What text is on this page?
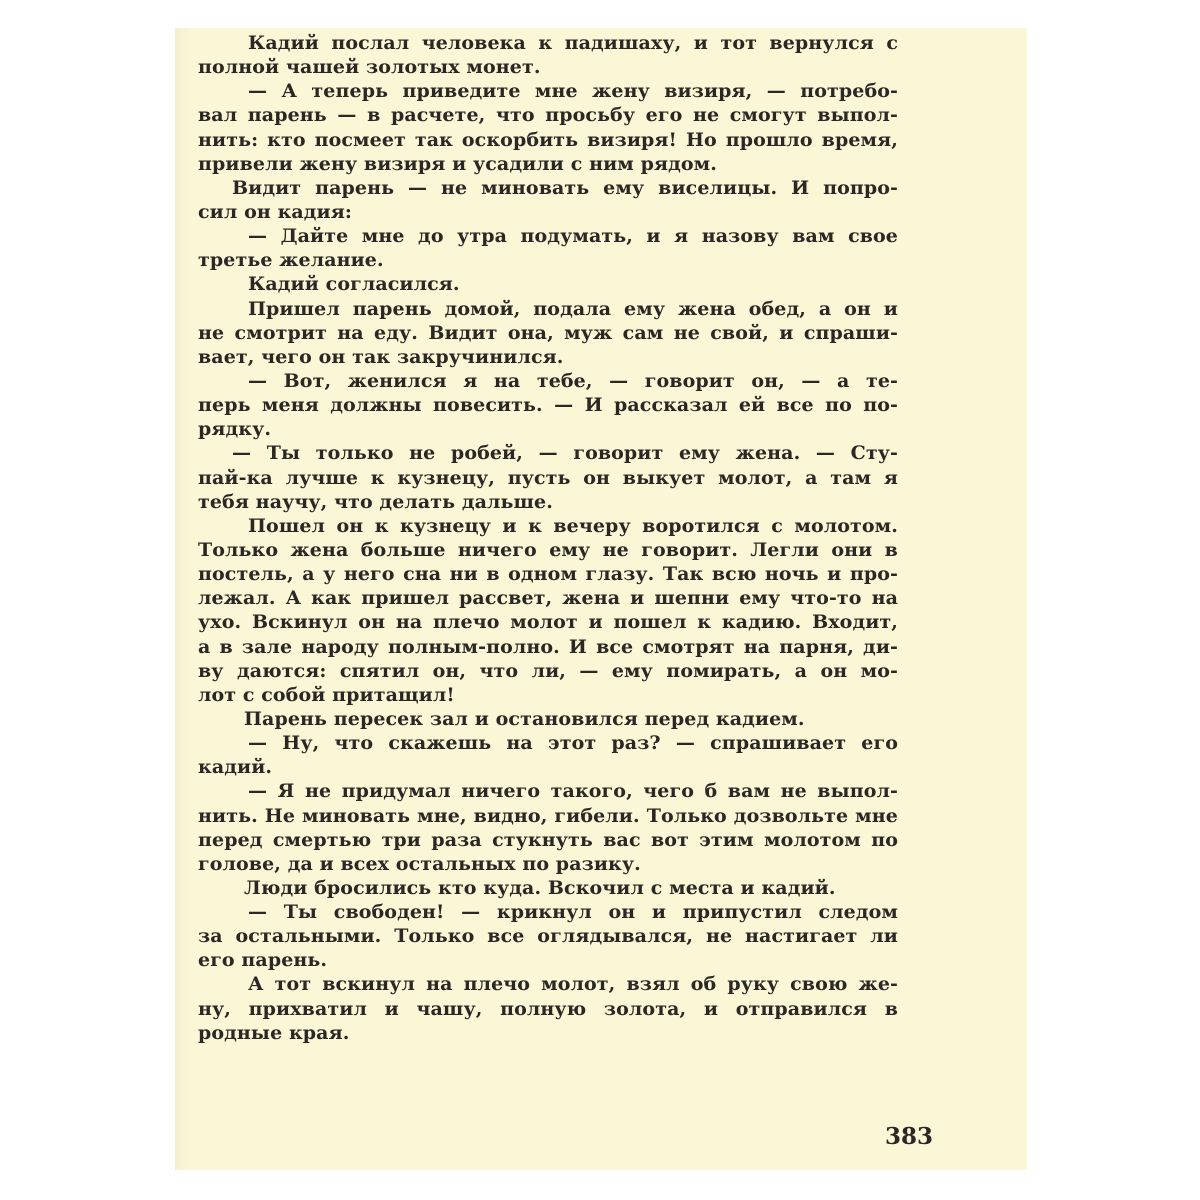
Кадий послал человека к падишаху, и тот вернулся с
полной чашей золотых монет.
— А теперь приведите мне жену визиря, — потребо-
вал парень — в расчете, что просьбу его не смогут выпол-
нить: кто посмеет так оскорбить визиря! Но прошло время,
привели жену визиря и усадили с ним рядом.
Видит парень — не миновать ему виселицы. И попро-
сил он кадия:
— Дайте мне до утра подумать, и я назову вам свое
третье желание.
Кадий согласился.
Пришел парень домой, подала ему жена обед, а он и
не смотрит на еду. Видит она, муж сам не свой, и спраши-
вает, чего он так закручинился.
— Вот, женился я на тебе, — говорит он, — а те-
перь меня должны повесить. — И рассказал ей все по по-
рядку.
— Ты только не робей, — говорит ему жена. — Сту-
пай-ка лучше к кузнецу, пусть он выкует молот, а там я
тебя научу, что делать дальше.
Пошел он к кузнецу и к вечеру воротился с молотом.
Только жена больше ничего ему не говорит. Легли они в
постель, а у него сна ни в одном глазу. Так всю ночь и про-
лежал. А как пришел рассвет, жена и шепни ему что-то на
ухо. Вскинул он на плечо молот и пошел к кадию. Входит,
а в зале народу полным-полно. И все смотрят на парня, ди-
ву даются: спятил он, что ли, — ему помирать, а он мо-
лот с собой притащил!
Парень пересек зал и остановился перед кадием.
— Ну, что скажешь на этот раз? — спрашивает его
кадий.
— Я не придумал ничего такого, чего б вам не выпол-
нить. Не миновать мне, видно, гибели. Только дозвольте мне
перед смертью три раза стукнуть вас вот этим молотом по
голове, да и всех остальных по разику.
Люди бросились кто куда. Вскочил с места и кадий.
— Ты свободен! — крикнул он и припустил следом
за остальными. Только все оглядывался, не настигает ли
его парень.
А тот вскинул на плечо молот, взял об руку свою же-
ну, прихватил и чашу, полную золота, и отправился в
родные края.
383
